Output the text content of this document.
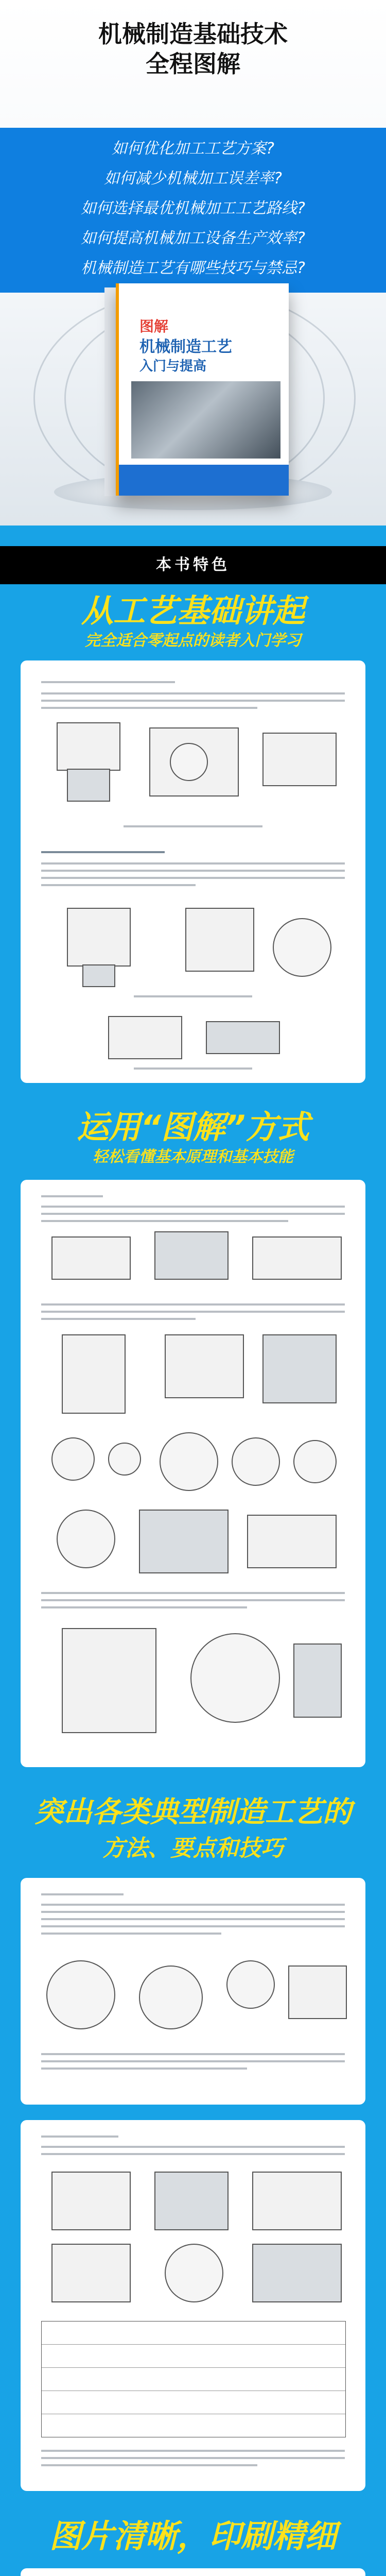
机械制造基础技术
全程图解
如何优化加工工艺方案?
如何减少机械加工误差率?
如何选择最优机械加工工艺路线?
如何提高机械加工设备生产效率?
机械制造工艺有哪些技巧与禁忌?
图解
机械制造工艺
入门与提高
本书特色
从工艺基础讲起
完全适合零起点的读者入门学习
运用“图解”方式
轻松看懂基本原理和基本技能
突出各类典型制造工艺的
方法、要点和技巧
图片清晰，印刷精细
